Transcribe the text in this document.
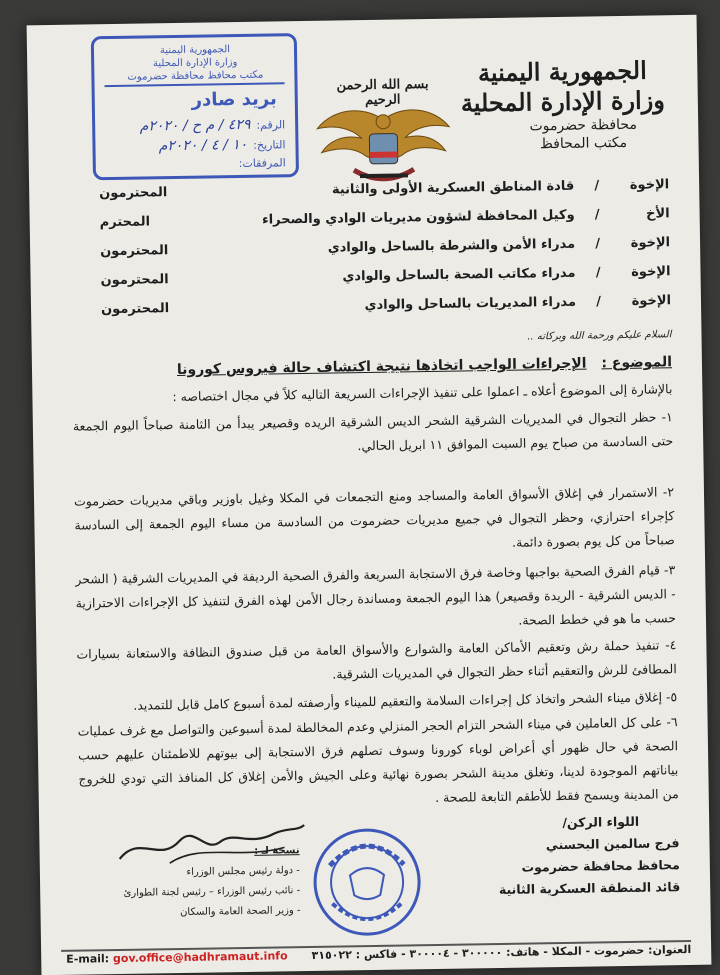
الجمهورية اليمنية
وزارة الإدارة المحلية
محافظة حضرموت
مكتب المحافظ
بسم الله الرحمن الرحيم
الجمهورية اليمنية
وزارة الإدارة المحلية
مكتب محافظ محافظة حضرموت
بريد صادر
الرقم:٤٢٩ / م ح / ٢٠٢٠م
التاريخ:١٠ / ٤ / ٢٠٢٠م
المرفقات:
الإخوة
/
قادة المناطق العسكرية الأولى والثانية
المحترمون
الأخ
/
وكيل المحافظة لشؤون مديريات الوادي والصحراء
المحترم
الإخوة
/
مدراء الأمن والشرطة بالساحل والوادي
المحترمون
الإخوة
/
مدراء مكاتب الصحة بالساحل والوادي
المحترمون
الإخوة
/
مدراء المديريات بالساحل والوادي
المحترمون
السلام عليكم ورحمة الله وبركاته ..
الموضوع : الإجراءات الواجب اتخاذها نتيجة اكتشاف حالة فيروس كورونا
بالإشارة إلى الموضوع أعلاه ـ اعملوا على تنفيذ الإجراءات السريعة التاليه كلاً في مجال اختصاصه :
١- حظر التجوال في المديريات الشرقية الشحر الديس الشرقية الريده وقصيعر يبدأ من الثامنة صباحاً اليوم الجمعة حتى السادسة من صباح يوم السبت الموافق ١١ ابريل الحالي.
٢- الاستمرار في إغلاق الأسواق العامة والمساجد ومنع التجمعات في المكلا وغيل باوزير وباقي مديريات حضرموت كإجراء احترازي، وحظر التجوال في جميع مديريات حضرموت من السادسة من مساء اليوم الجمعة إلى السادسة صباحاً من كل يوم بصورة دائمة.
٣- قيام الفرق الصحية بواجبها وخاصة فرق الاستجابة السريعة والفرق الصحية الرديفة في المديريات الشرقية ( الشحر - الديس الشرقية - الريدة وقصيعر) هذا اليوم الجمعة ومساندة رجال الأمن لهذه الفرق لتنفيذ كل الإجراءات الاحترازية حسب ما هو في خطط الصحة.
٤- تنفيذ حملة رش وتعقيم الأماكن العامة والشوارع والأسواق العامة من قبل صندوق النظافة والاستعانة بسيارات المطافئ للرش والتعقيم أثناء حظر التجوال في المديريات الشرقية.
٥- إغلاق ميناء الشحر واتخاذ كل إجراءات السلامة والتعقيم للميناء وأرصفته لمدة أسبوع كامل قابل للتمديد.
٦- على كل العاملين في ميناء الشحر التزام الحجر المنزلي وعدم المخالطة لمدة أسبوعين والتواصل مع غرف عمليات الصحة في حال ظهور أي أعراض لوباء كورونا وسوف تصلهم فرق الاستجابة إلى بيوتهم للاطمئنان عليهم حسب بياناتهم الموجودة لدينا، وتغلق مدينة الشحر بصورة نهائية وعلى الجيش والأمن إغلاق كل المنافذ التي تودي للخروج من المدينة ويسمح فقط للأطقم التابعة للصحة .
اللواء الركن/
فرج سالمين البحسني
محافظ محافظة حضرموت
قائد المنطقة العسكرية الثانية
نسخة لـ :
- دولة رئيس مجلس الوزراء
- نائب رئيس الوزراء – رئيس لجنة الطوارئ
- وزير الصحة العامة والسكان
العنوان: حضرموت - المكلا - هاتف: ٣٠٠٠٠٠ - ٣٠٠٠٠٤ - فاكس : ٣١٥٠٢٢
E-mail: gov.office@hadhramaut.info
